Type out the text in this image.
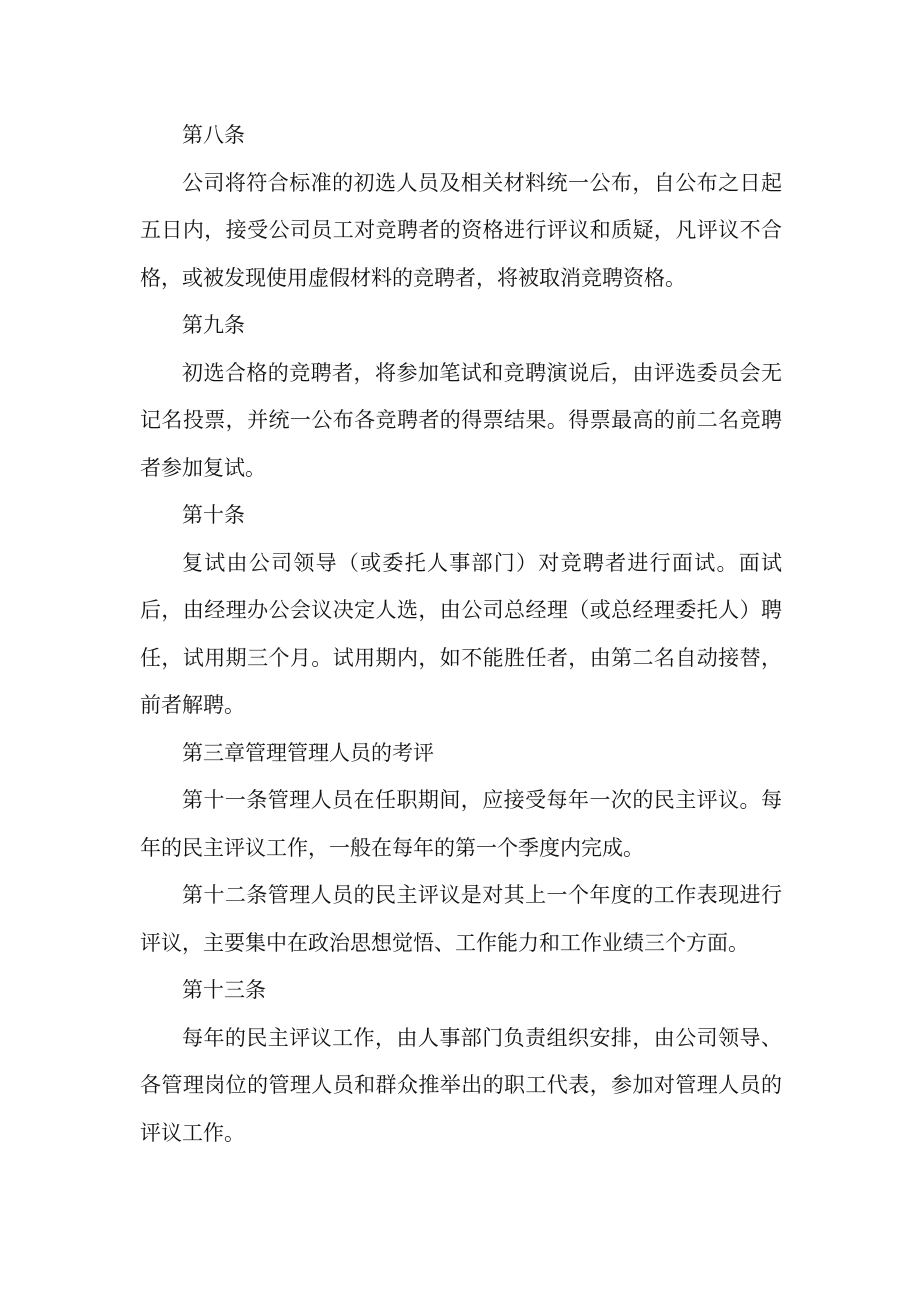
第八条

公司将符合标准的初选人员及相关材料统一公布，自公布之日起五日内，接受公司员工对竞聘者的资格进行评议和质疑，凡评议不合格，或被发现使用虚假材料的竞聘者，将被取消竞聘资格。

第九条

初选合格的竞聘者，将参加笔试和竞聘演说后，由评选委员会无记名投票，并统一公布各竞聘者的得票结果。得票最高的前二名竞聘者参加复试。

第十条

复试由公司领导（或委托人事部门）对竞聘者进行面试。面试后，由经理办公会议决定人选，由公司总经理（或总经理委托人）聘任，试用期三个月。试用期内，如不能胜任者，由第二名自动接替，前者解聘。

第三章管理管理人员的考评

第十一条管理人员在任职期间，应接受每年一次的民主评议。每年的民主评议工作，一般在每年的第一个季度内完成。

第十二条管理人员的民主评议是对其上一个年度的工作表现进行评议，主要集中在政治思想觉悟、工作能力和工作业绩三个方面。

第十三条

每年的民主评议工作，由人事部门负责组织安排，由公司领导、各管理岗位的管理人员和群众推举出的职工代表，参加对管理人员的评议工作。
